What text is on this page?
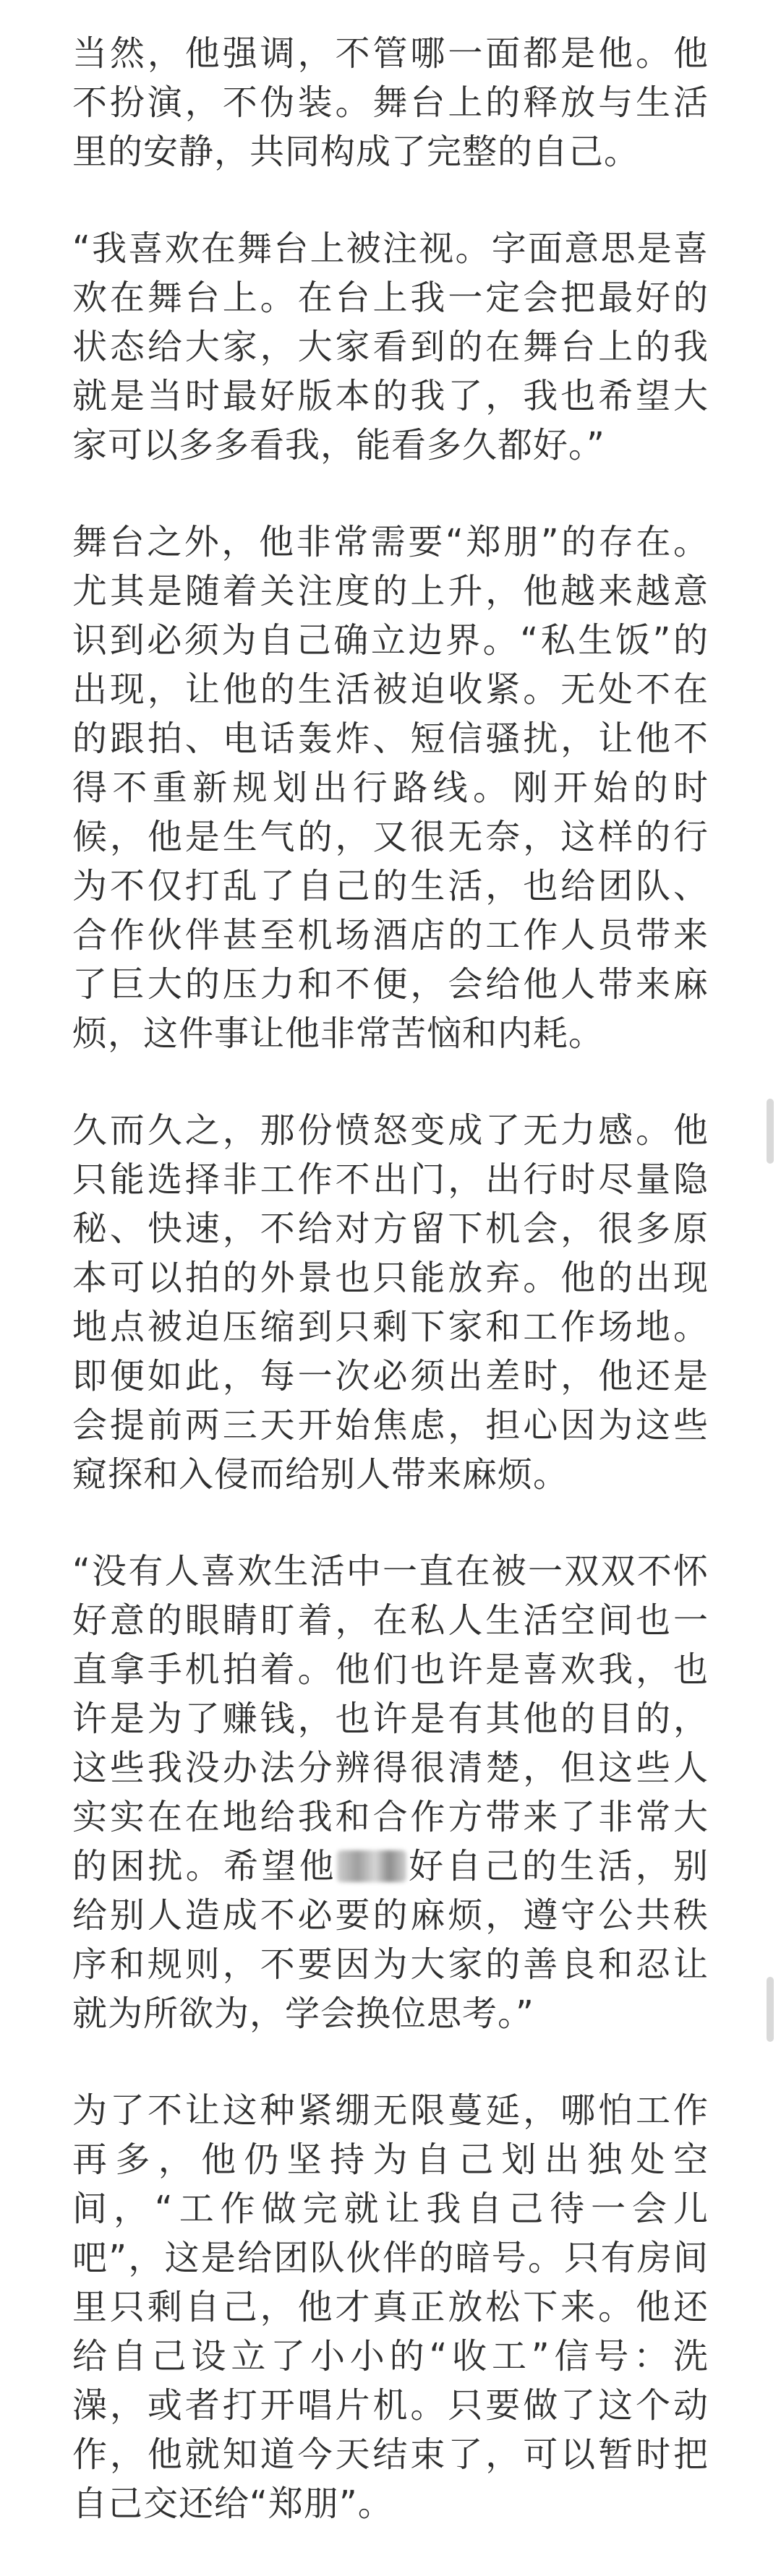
当然，他强调，不管哪一面都是他。他不扮演，不伪装。舞台上的释放与生活里的安静，共同构成了完整的自己。

“我喜欢在舞台上被注视。字面意思是喜欢在舞台上。在台上我一定会把最好的状态给大家，大家看到的在舞台上的我就是当时最好版本的我了，我也希望大家可以多多看我，能看多久都好。”

舞台之外，他非常需要“郑朋”的存在。尤其是随着关注度的上升，他越来越意识到必须为自己确立边界。“私生饭”的出现，让他的生活被迫收紧。无处不在的跟拍、电话轰炸、短信骚扰，让他不得不重新规划出行路线。刚开始的时候，他是生气的，又很无奈，这样的行为不仅打乱了自己的生活，也给团队、合作伙伴甚至机场酒店的工作人员带来了巨大的压力和不便，会给他人带来麻烦，这件事让他非常苦恼和内耗。

久而久之，那份愤怒变成了无力感。他只能选择非工作不出门，出行时尽量隐秘、快速，不给对方留下机会，很多原本可以拍的外景也只能放弃。他的出现地点被迫压缩到只剩下家和工作场地。即便如此，每一次必须出差时，他还是会提前两三天开始焦虑，担心因为这些窥探和入侵而给别人带来麻烦。

“没有人喜欢生活中一直在被一双双不怀好意的眼睛盯着，在私人生活空间也一直拿手机拍着。他们也许是喜欢我，也许是为了赚钱，也许是有其他的目的，这些我没办法分辨得很清楚，但这些人实实在在地给我和合作方带来了非常大的困扰。希望他 好自己的生活，别给别人造成不必要的麻烦，遵守公共秩序和规则，不要因为大家的善良和忍让就为所欲为，学会换位思考。”

为了不让这种紧绷无限蔓延，哪怕工作再多，他仍坚持为自己划出独处空间，“工作做完就让我自己待一会儿吧”，这是给团队伙伴的暗号。只有房间里只剩自己，他才真正放松下来。他还给自己设立了小小的“收工”信号：洗澡，或者打开唱片机。只要做了这个动作，他就知道今天结束了，可以暂时把自己交还给“郑朋”。
